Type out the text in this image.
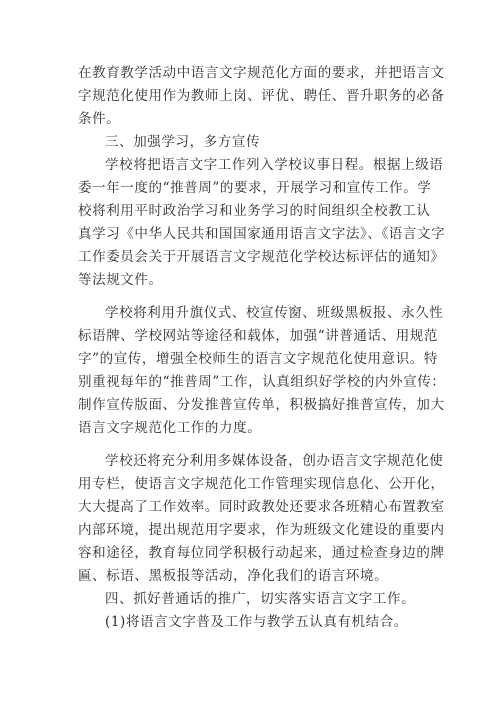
在教育教学活动中语言文字规范化方面的要求，并把语言文
字规范化使用作为教师上岗、评优、聘任、晋升职务的必备
条件。

三、加强学习，多方宣传

学校将把语言文字工作列入学校议事日程。根据上级语
委一年一度的“推普周”的要求，开展学习和宣传工作。学
校将利用平时政治学习和业务学习的时间组织全校教工认
真学习《中华人民共和国国家通用语言文字法》、《语言文字
工作委员会关于开展语言文字规范化学校达标评估的通知》
等法规文件。

学校将利用升旗仪式、校宣传窗、班级黑板报、永久性
标语牌、学校网站等途径和载体，加强“讲普通话、用规范
字”的宣传，增强全校师生的语言文字规范化使用意识。特
别重视每年的“推普周”工作，认真组织好学校的内外宣传：
制作宣传版面、分发推普宣传单，积极搞好推普宣传，加大
语言文字规范化工作的力度。

学校还将充分利用多媒体设备，创办语言文字规范化使
用专栏，使语言文字规范化工作管理实现信息化、公开化，
大大提高了工作效率。同时政教处还要求各班精心布置教室
内部环境，提出规范用字要求，作为班级文化建设的重要内
容和途径，教育每位同学积极行动起来，通过检查身边的牌
匾、标语、黑板报等活动，净化我们的语言环境。

四、抓好普通话的推广，切实落实语言文字工作。

(1)将语言文字普及工作与教学五认真有机结合。
